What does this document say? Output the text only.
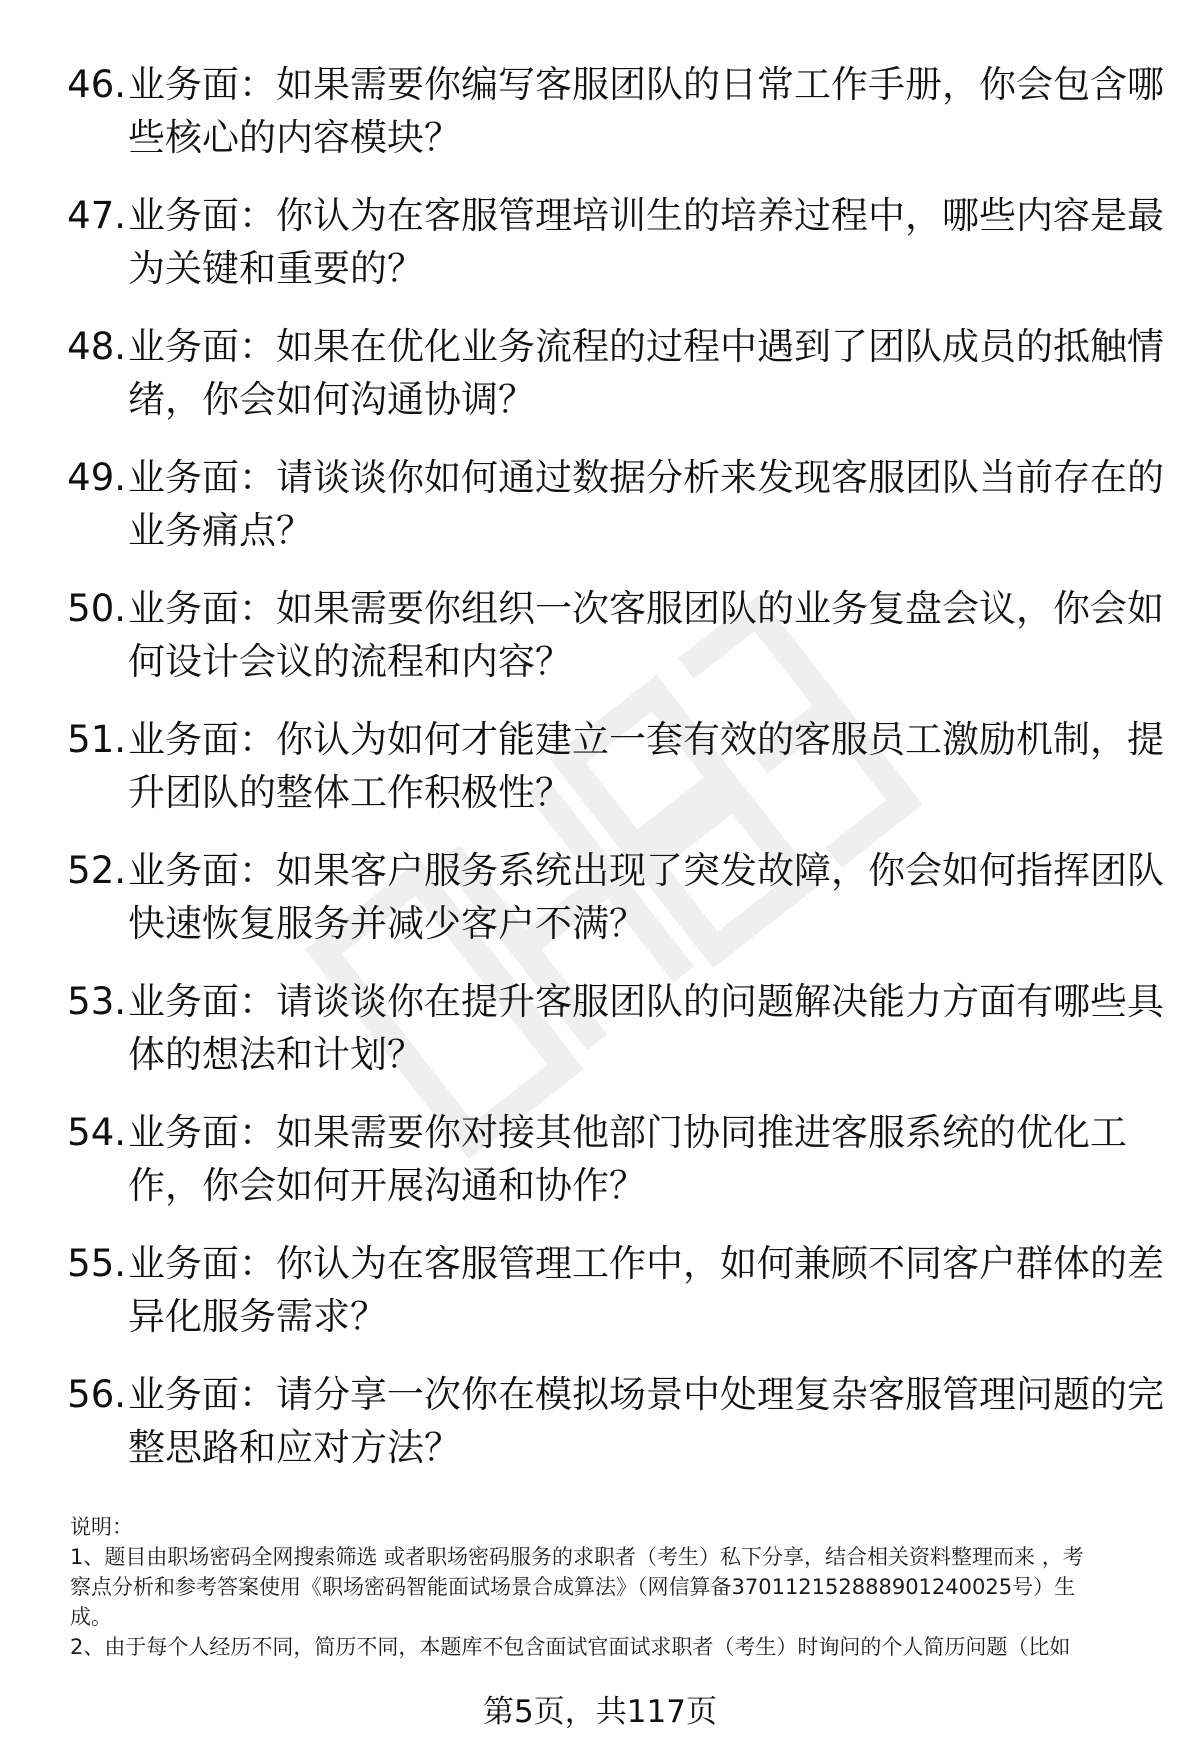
46. 业务面：如果需要你编写客服团队的日常工作手册，你会包含哪
些核心的内容模块？
47. 业务面：你认为在客服管理培训生的培养过程中，哪些内容是最
为关键和重要的？
48. 业务面：如果在优化业务流程的过程中遇到了团队成员的抵触情
绪，你会如何沟通协调？
49. 业务面：请谈谈你如何通过数据分析来发现客服团队当前存在的
业务痛点？
50. 业务面：如果需要你组织一次客服团队的业务复盘会议，你会如
何设计会议的流程和内容？
51. 业务面：你认为如何才能建立一套有效的客服员工激励机制，提
升团队的整体工作积极性？
52. 业务面：如果客户服务系统出现了突发故障，你会如何指挥团队
快速恢复服务并减少客户不满？
53. 业务面：请谈谈你在提升客服团队的问题解决能力方面有哪些具
体的想法和计划？
54. 业务面：如果需要你对接其他部门协同推进客服系统的优化工
作，你会如何开展沟通和协作？
55. 业务面：你认为在客服管理工作中，如何兼顾不同客户群体的差
异化服务需求？
56. 业务面：请分享一次你在模拟场景中处理复杂客服管理问题的完
整思路和应对方法？
说明：
1、题目由职场密码全网搜索筛选 或者职场密码服务的求职者（考生）私下分享，结合相关资料整理而来 ，考
察点分析和参考答案使用《职场密码智能面试场景合成算法》（网信算备370112152888901240025号）生
成。
2、由于每个人经历不同，简历不同，本题库不包含面试官面试求职者（考生）时询问的个人简历问题（比如
第5页，共117页
